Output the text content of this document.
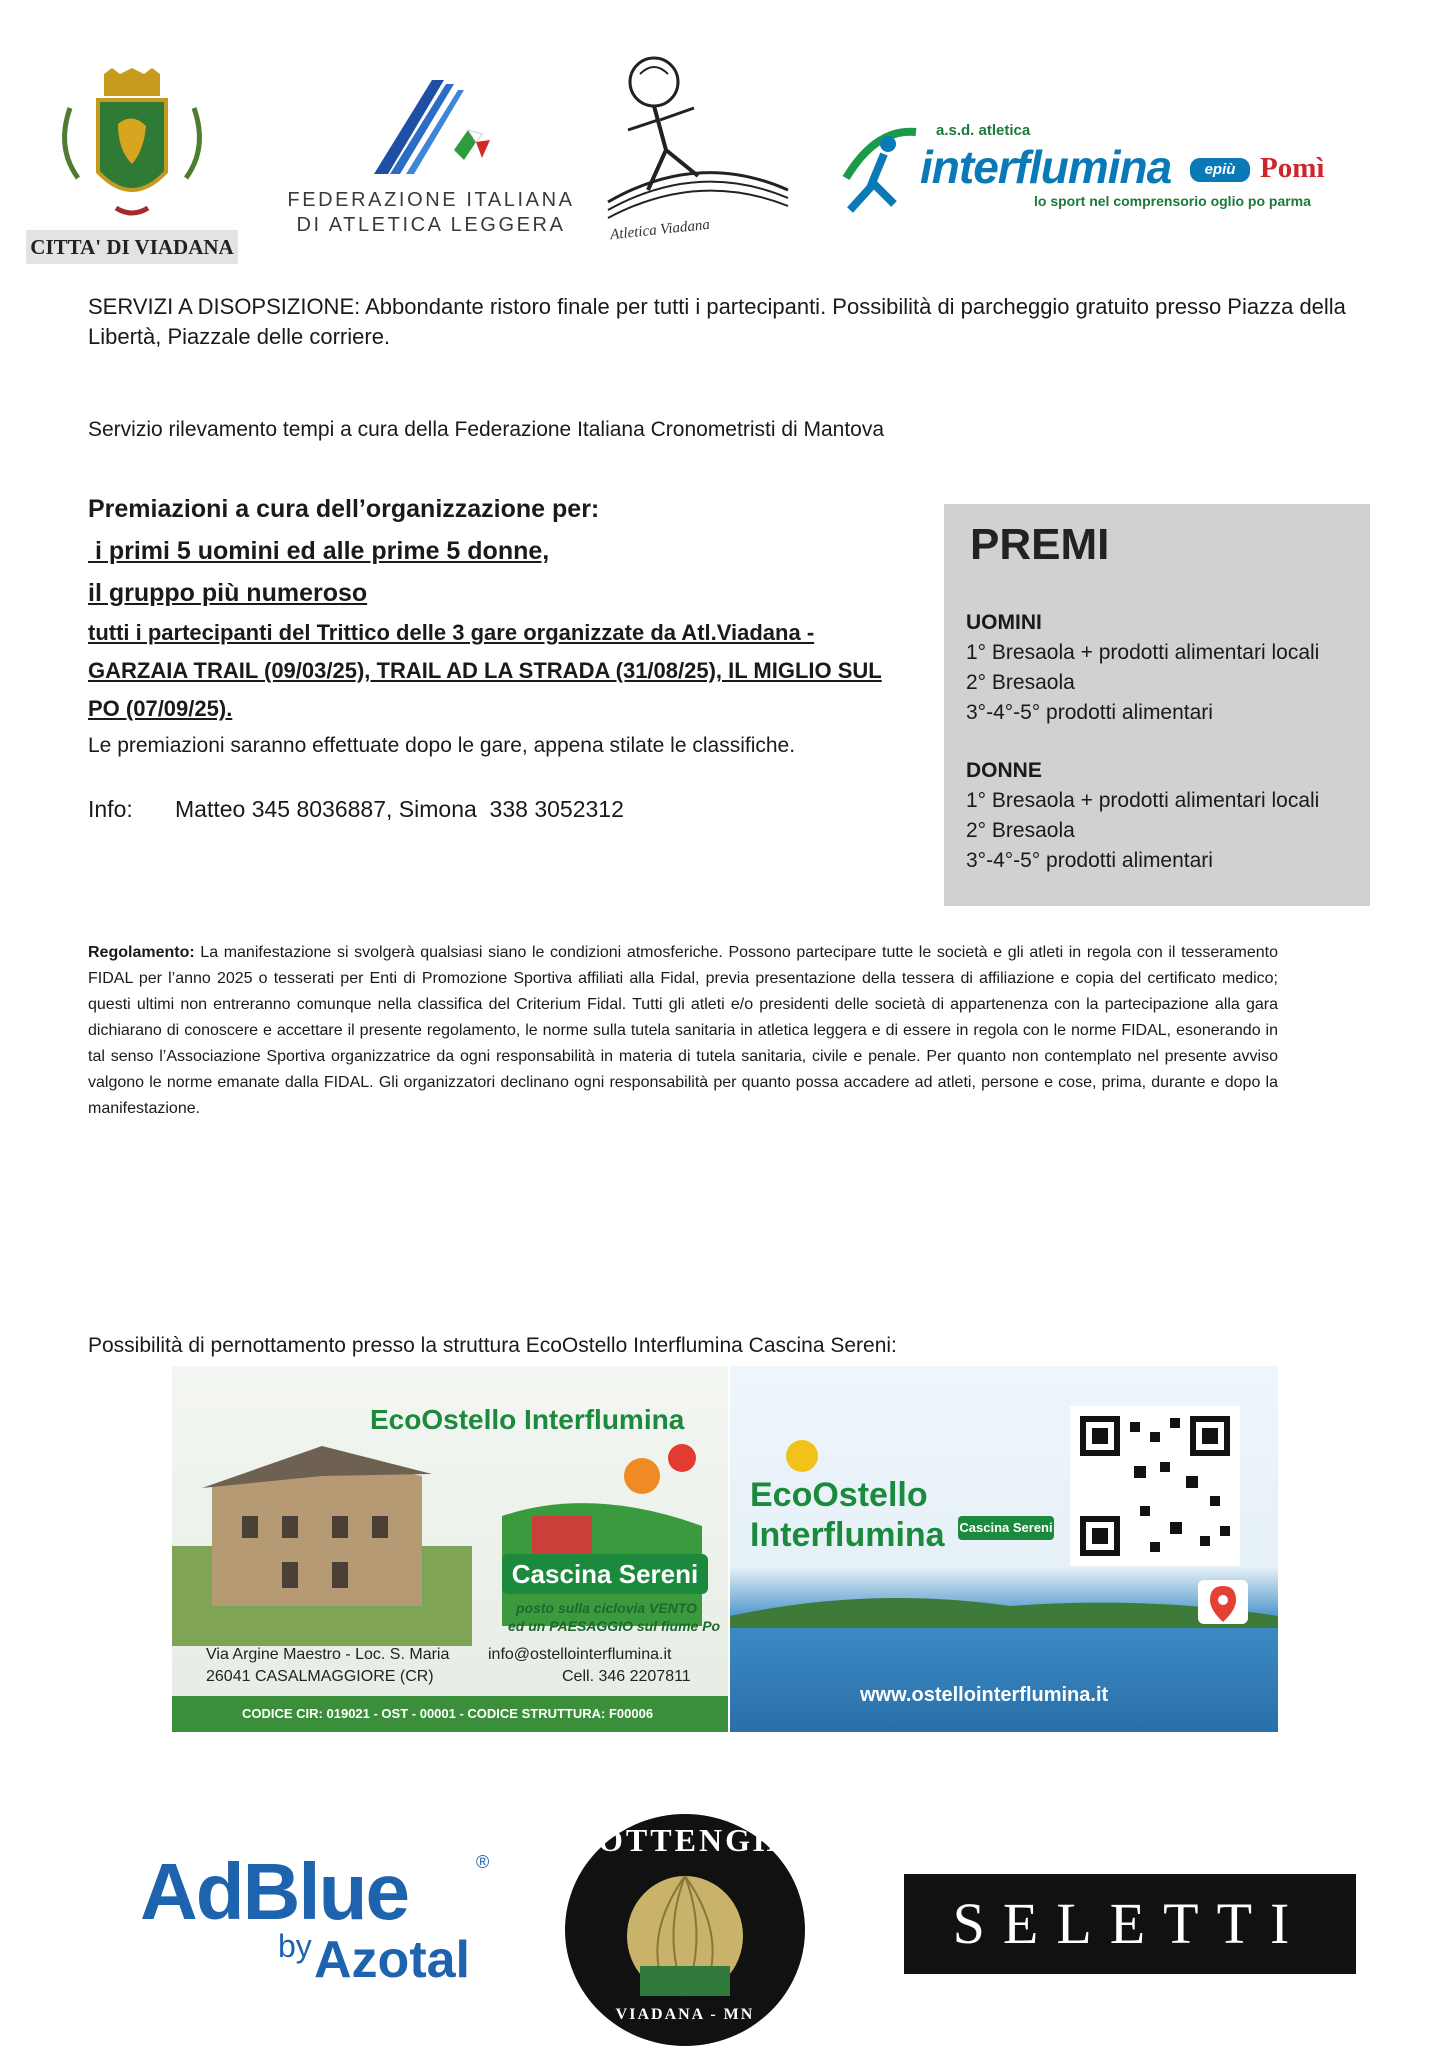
CITTA' DI VIADANA
FEDERAZIONE ITALIANA
DI ATLETICA LEGGERA	Atletica Viadana
a.s.d. atletica
interflumina	epiù Pomì
lo sport nel comprensorio oglio po parma
SERVIZI A DISOPSIZIONE: Abbondante ristoro finale per tutti i partecipanti. Possibilità di parcheggio gratuito presso Piazza della Libertà, Piazzale delle corriere.
Servizio rilevamento tempi a cura della Federazione Italiana Cronometristi di Mantova
Premiazioni a cura dell’organizzazione per:
i primi 5 uomini ed alle prime 5 donne,
il gruppo più numeroso
tutti i partecipanti del Trittico delle 3 gare organizzate da Atl.Viadana - GARZAIA TRAIL (09/03/25), TRAIL AD LA STRADA (31/08/25), IL MIGLIO SUL PO (07/09/25).
Le premiazioni saranno effettuate dopo le gare, appena stilate le classifiche.
Info: Matteo 345 8036887, Simona  338 3052312
PREMI
UOMINI
1° Bresaola + prodotti alimentari locali
2° Bresaola
3°-4°-5° prodotti alimentari
DONNE
1° Bresaola + prodotti alimentari locali
2° Bresaola
3°-4°-5° prodotti alimentari
Regolamento: La manifestazione si svolgerà qualsiasi siano le condizioni atmosferiche. Possono partecipare tutte le società e gli atleti in regola con il tesseramento FIDAL per l’anno 2025 o tesserati per Enti di Promozione Sportiva affiliati alla Fidal, previa presentazione della tessera di affiliazione e copia del certificato medico; questi ultimi non entreranno comunque nella classifica del Criterium Fidal. Tutti gli atleti e/o presidenti delle società di appartenenza con la partecipazione alla gara dichiarano di conoscere e accettare il presente regolamento, le norme sulla tutela sanitaria in atletica leggera e di essere in regola con le norme FIDAL, esonerando in tal senso l’Associazione Sportiva organizzatrice da ogni responsabilità in materia di tutela sanitaria, civile e penale. Per quanto non contemplato nel presente avviso valgono le norme emanate dalla FIDAL. Gli organizzatori declinano ogni responsabilità per quanto possa accadere ad atleti, persone e cose, prima, durante e dopo la manifestazione.
Possibilità di pernottamento presso la struttura EcoOstello Interflumina Cascina Sereni:
EcoOstello Interflumina
Cascina Sereni
posto sulla ciclovia VENTO
ed un PAESAGGIO sul fiume Po
Via Argine Maestro - Loc. S. Maria
26041 CASALMAGGIORE (CR)
info@ostellointerflumina.it
Cell. 346 2207811
CODICE CIR: 019021 - OST - 00001 - CODICE STRUTTURA: F00006
EcoOstello
Interflumina Cascina Sereni
www.ostellointerflumina.it
AdBlue	®
by Azotal
BOTTENGHI
VIADANA - MN
SELETTI
